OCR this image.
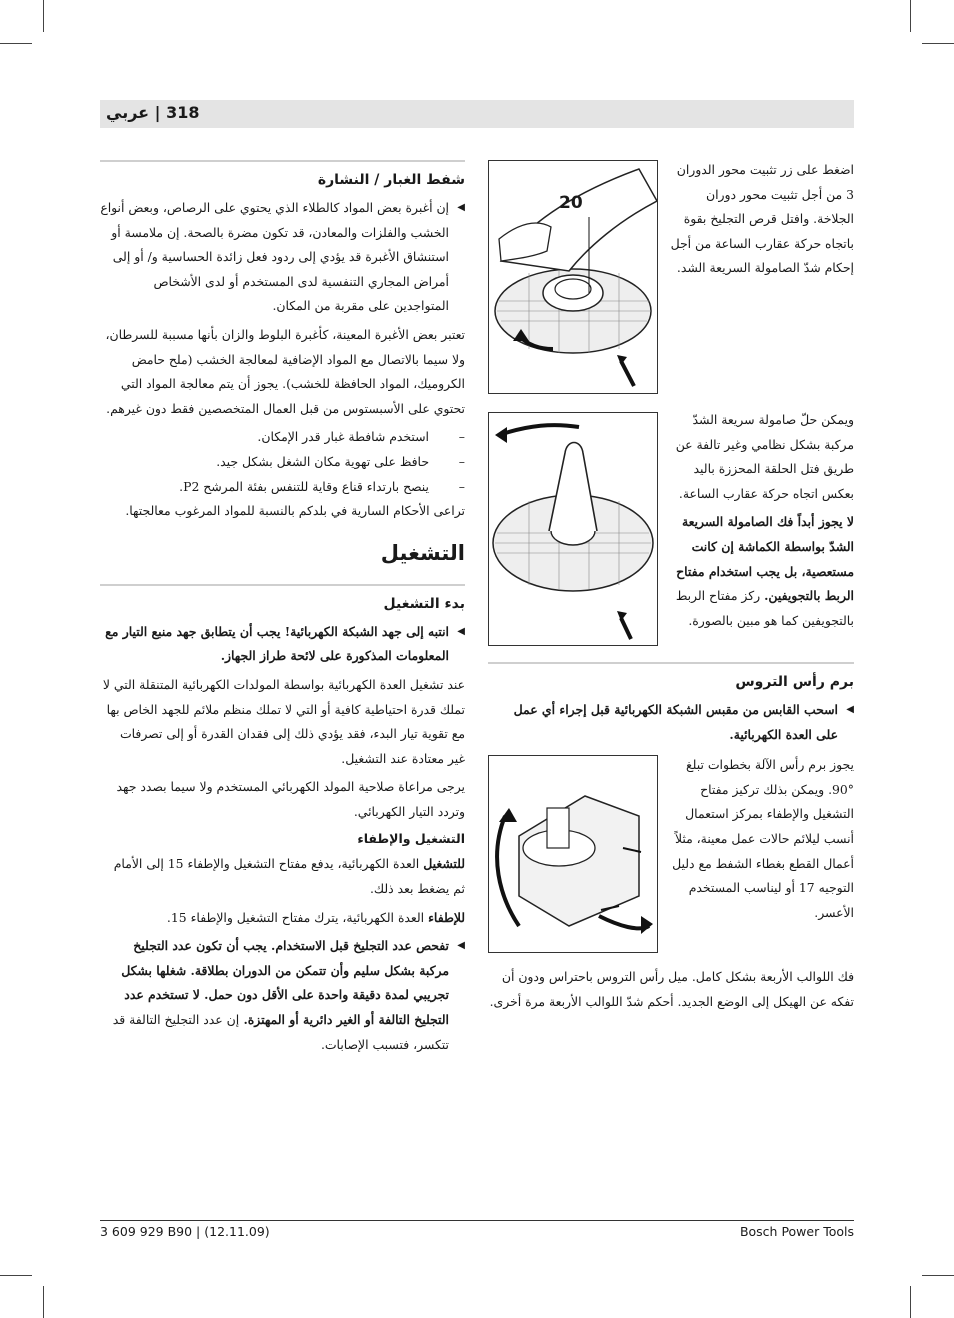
318 | عربي
شفط الغبار / النشارة

◀
إن أغبرة بعض المواد كالطلاء الذي يحتوي على الرصاص، وبعض أنواع الخشب والفلزات والمعادن، قد تكون مضرة بالصحة. إن ملامسة أو استنشاق الأغبرة قد يؤدي إلى ردود فعل زائدة الحساسية و/ أو إلى أمراض المجاري التنفسية لدى المستخدم أو لدى الأشخاص المتواجدين على مقربة من المكان.

تعتبر بعض الأغبرة المعينة، كأغبرة البلوط والزان بأنها مسببة للسرطان، ولا سيما بالاتصال مع المواد الإضافية لمعالجة الخشب (ملح حامض الكروميك، المواد الحافظة للخشب). يجوز أن يتم معالجة المواد التي تحتوي على الأسبستوس من قبل العمال المتخصصين فقط دون غيرهم.

–
استخدم شافطة غبار قدر الإمكان.
–
حافظ على تهوية مكان الشغل بشكل جيد.
–
ينصح بارتداء قناع وقاية للتنفس بفئة المرشح P2.

تراعى الأحكام السارية في بلدكم بالنسبة للمواد المرغوب معالجتها.

التشغيل
بدء التشغيل

◀
انتبه إلى جهد الشبكة الكهربائية! يجب أن يتطابق جهد منبع التيار مع المعلومات المذكورة على لائحة طراز الجهاز.

عند تشغيل العدة الكهربائية بواسطة المولدات الكهربائية المتنقلة التي لا تملك قدرة احتياطية كافية أو التي لا تملك منظم ملائم للجهد الخاص بها مع تقوية تيار البدء، فقد يؤدي ذلك إلى فقدان القدرة أو إلى تصرفات غير معتادة عند التشغيل.

يرجى مراعاة صلاحية المولد الكهربائي المستخدم ولا سيما بصدد جهد وتردد التيار الكهربائي.

التشغيل والإطفاء

للتشغيل العدة الكهربائية، يدفع مفتاح التشغيل والإطفاء 15 إلى الأمام ثم يضغط بعد ذلك.

للإطفاء العدة الكهربائية، يترك مفتاح التشغيل والإطفاء 15.

◀
تفحص عدد التجليخ قبل الاستخدام. يجب أن تكون عدد التجليخ مركبة بشكل سليم وأن تتمكن من الدوران بطلاقة. شغلها بشكل تجريبي لمدة دقيقة واحدة على الأقل دون حمل. لا تستخدم عدد التجليخ التالفة أو الغير دائرية أو المهتزة. إن عدد التجليخ التالفة قد تتكسر، فتسبب الإصابات.

20
اضغط على زر تثبيت محور الدوران 3 من أجل تثبيت محور دوران الجلاخة. وافتل قرص التجليخ بقوة باتجاه حركة عقارب الساعة من أجل إحكام شدّ الصامولة السريعة الشد.

ويمكن حلّ صامولة سريعة الشدّ مركبة بشكل نظامي وغير تالفة عن طريق فتل الحلقة المحززة باليد بعكس اتجاه حركة عقارب الساعة.

لا يجوز أبداً فك الصامولة السريعة الشدّ بواسطة الكماشة إن كانت مستعصية، بل يجب استخدام مفتاح الربط بالتجويفين. ركز مفتاح الربط بالتجويفين كما هو مبين بالصورة.

برم رأس التروس

◀
اسحب القابس من مقبس الشبكة الكهربائية قبل إجراء أي عمل على العدة الكهربائية.

يجوز برم رأس الآلة بخطوات تبلغ °90. ويمكن بذلك تركيز مفتاح التشغيل والإطفاء بمركز استعمال أنسب ليلائم حالات عمل معينة، مثلاً أعمال القطع بغطاء الشفط مع دليل التوجيه 17 أو ليناسب المستخدم الأعسر.

فك اللوالب الأربعة بشكل كامل. ميل رأس التروس باحتراس ودون أن تفكه عن الهيكل إلى الوضع الجديد. أحكم شدّ اللوالب الأربعة مرة أخرى.

3 609 929 B90 | (12.11.09)	Bosch Power Tools
